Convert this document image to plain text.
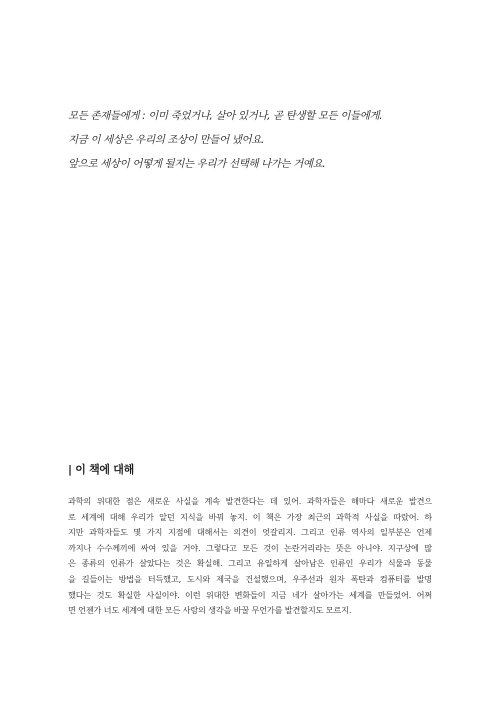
모든 존재들에게 : 이미 죽었거나, 살아 있거나, 곧 탄생할 모든 이들에게.
지금 이 세상은 우리의 조상이 만들어 냈어요.
앞으로 세상이 어떻게 될지는 우리가 선택해 나가는 거예요.
| 이 책에 대해
과학의 위대한 점은 새로운 사실을 계속 발견한다는 데 있어. 과학자들은 해마다 새로운 발견으
로 세계에 대해 우리가 알던 지식을 바꿔 놓지. 이 책은 가장 최근의 과학적 사실을 따랐어. 하
지만 과학자들도 몇 가지 지점에 대해서는 의견이 엇갈리지. 그리고 인류 역사의 일부분은 언제
까지나 수수께끼에 싸여 있을 거야. 그렇다고 모든 것이 논란거리라는 뜻은 아니야. 지구상에 많
은 종류의 인류가 살았다는 것은 확실해. 그리고 유일하게 살아남은 인류인 우리가 식물과 동물
을 길들이는 방법을 터득했고, 도시와 제국을 건설했으며, 우주선과 원자 폭탄과 컴퓨터를 발명
했다는 것도 확실한 사실이야. 이런 위대한 변화들이 지금 네가 살아가는 세계를 만들었어. 어쩌
면 언젠가 너도 세계에 대한 모든 사람의 생각을 바꿀 무언가를 발견할지도 모르지.
